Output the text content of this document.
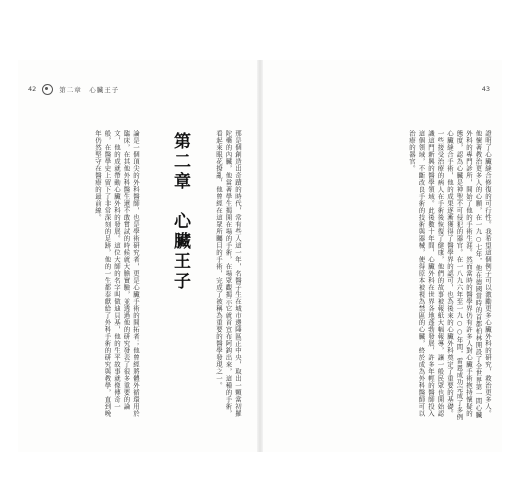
42	第二章　心臟王子
第二章　心臟王子	那是個創造出奇蹟的時代，常有些人這一年，名醫子生在城市邊陲區正中央，取出一顆當初羅陀藥的內臟，他當著學生揭開在場的手術，在場眾觀揭示它就首宣布阿鈎出來，這種的手術，看起來眼花撩亂，他曾經在這眾所矚目的手術，完成了被稱為重要的醫學發現之一。

論是一個頂尖的外科醫師，也是學術研究者，更是心臟手術的開拓者；他曾經將體外循環用於臨床，在其他外科醫生還不敢嘗試的時候就大膽實驗，並透過他的研究發表了很多重要的論文，他的成就帶動心臟外科的發展。這位大師的名字叫做迪貝基，他的生平故事就像傳奇一般，在醫學史上留下了非常深刻的足跡，他的一生都奉獻給了外科手術的研究與教學，直到晚年仍然堅守在醫療的最前線。

43

證明了心臟縫合修復的可行性。我希望這個例子可以激勵更多心臟外科的研究，救治更多人。他懷著教治更多人的心願，在一九○七年，他在德國當時的首都柏林開設了全世界第一間心臟外科的專門診所，開始了他的手術生涯。然而當時的醫學界仍有許多人對心臟手術抱持懷疑的態度，認為心臟是神聖不可侵犯的器官。在一八九六年至一九○○年間，雷恩成功完成了多例心臟縫合手術，他的成果逐漸獲得了醫學界的認可，也為後來的心臟外科奠定了重要的基礎。一些接受治療的病人在手術後恢復了健康，他們的故事被報紙大幅報導，讓一般民眾也開始認識這門新興的醫學領域。此後數十年間，心臟外科在世界各地蓬勃發展，許多年輕的醫師投入這個領域，不斷改良手術的技術與器械，使得原本被視為禁區的心臟，終於成為外科醫師可以治療的器官。
